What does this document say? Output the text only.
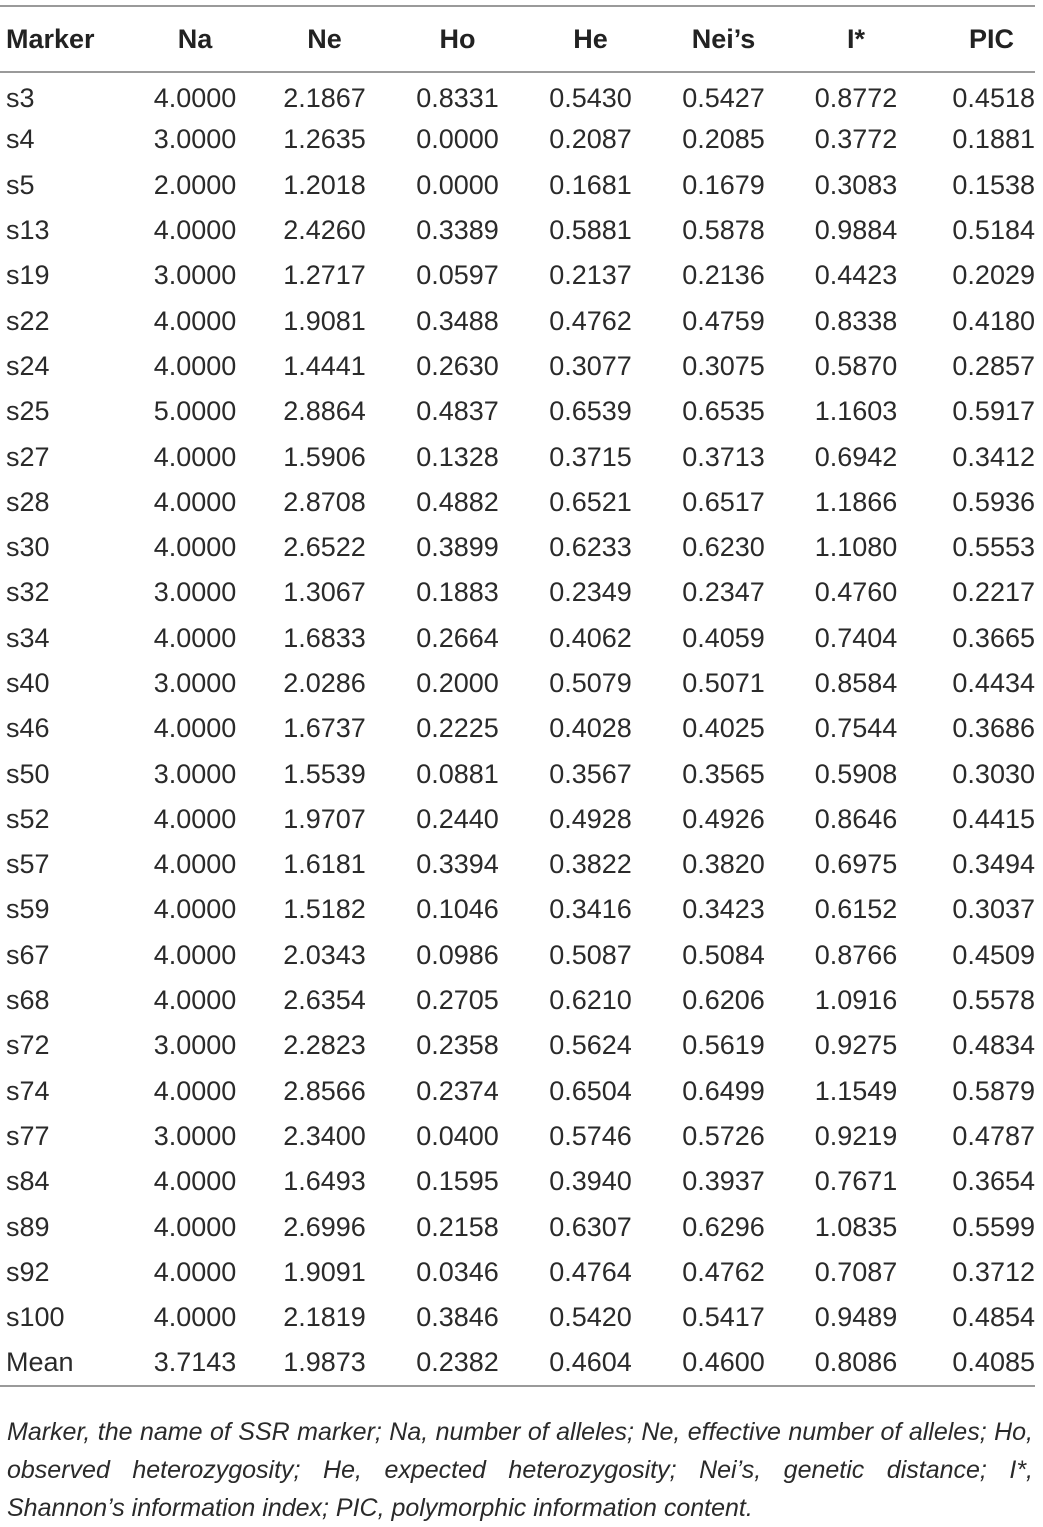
Marker	Na	Ne	Ho	He	Nei’s	I*	PIC
s3	4.0000	2.1867	0.8331	0.5430	0.5427	0.8772	0.4518
s4	3.0000	1.2635	0.0000	0.2087	0.2085	0.3772	0.1881
s5	2.0000	1.2018	0.0000	0.1681	0.1679	0.3083	0.1538
s13	4.0000	2.4260	0.3389	0.5881	0.5878	0.9884	0.5184
s19	3.0000	1.2717	0.0597	0.2137	0.2136	0.4423	0.2029
s22	4.0000	1.9081	0.3488	0.4762	0.4759	0.8338	0.4180
s24	4.0000	1.4441	0.2630	0.3077	0.3075	0.5870	0.2857
s25	5.0000	2.8864	0.4837	0.6539	0.6535	1.1603	0.5917
s27	4.0000	1.5906	0.1328	0.3715	0.3713	0.6942	0.3412
s28	4.0000	2.8708	0.4882	0.6521	0.6517	1.1866	0.5936
s30	4.0000	2.6522	0.3899	0.6233	0.6230	1.1080	0.5553
s32	3.0000	1.3067	0.1883	0.2349	0.2347	0.4760	0.2217
s34	4.0000	1.6833	0.2664	0.4062	0.4059	0.7404	0.3665
s40	3.0000	2.0286	0.2000	0.5079	0.5071	0.8584	0.4434
s46	4.0000	1.6737	0.2225	0.4028	0.4025	0.7544	0.3686
s50	3.0000	1.5539	0.0881	0.3567	0.3565	0.5908	0.3030
s52	4.0000	1.9707	0.2440	0.4928	0.4926	0.8646	0.4415
s57	4.0000	1.6181	0.3394	0.3822	0.3820	0.6975	0.3494
s59	4.0000	1.5182	0.1046	0.3416	0.3423	0.6152	0.3037
s67	4.0000	2.0343	0.0986	0.5087	0.5084	0.8766	0.4509
s68	4.0000	2.6354	0.2705	0.6210	0.6206	1.0916	0.5578
s72	3.0000	2.2823	0.2358	0.5624	0.5619	0.9275	0.4834
s74	4.0000	2.8566	0.2374	0.6504	0.6499	1.1549	0.5879
s77	3.0000	2.3400	0.0400	0.5746	0.5726	0.9219	0.4787
s84	4.0000	1.6493	0.1595	0.3940	0.3937	0.7671	0.3654
s89	4.0000	2.6996	0.2158	0.6307	0.6296	1.0835	0.5599
s92	4.0000	1.9091	0.0346	0.4764	0.4762	0.7087	0.3712
s100	4.0000	2.1819	0.3846	0.5420	0.5417	0.9489	0.4854
Mean	3.7143	1.9873	0.2382	0.4604	0.4600	0.8086	0.4085

Marker, the name of SSR marker; Na, number of alleles; Ne, effective number of alleles; Ho, observed heterozygosity; He, expected heterozygosity; Nei’s, genetic distance; I*, Shannon’s information index; PIC, polymorphic information content.
